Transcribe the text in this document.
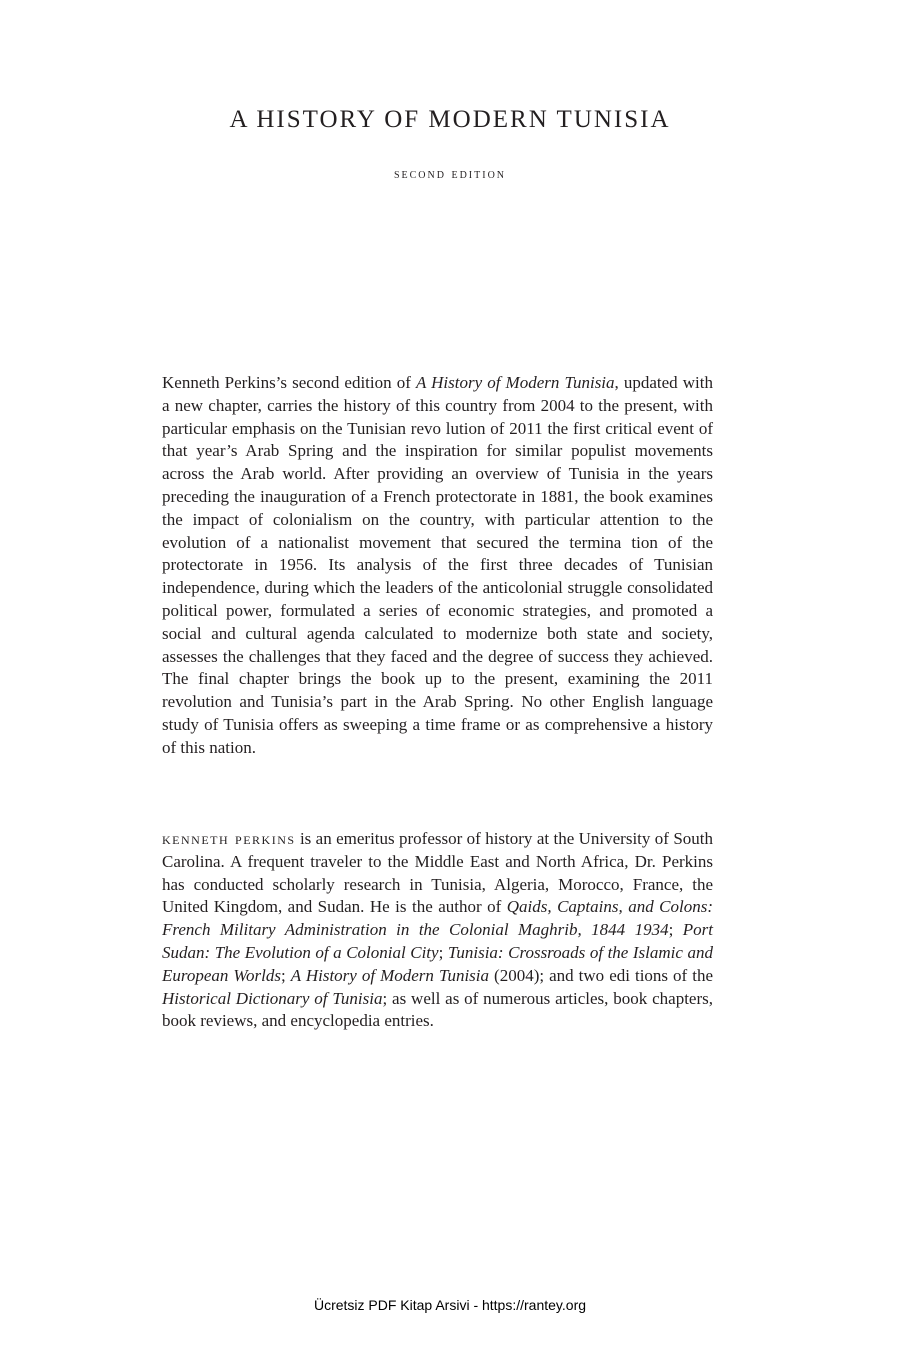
A HISTORY OF MODERN TUNISIA
second edition

Kenneth Perkins’s second edition of A History of Modern Tunisia, updated with a new chapter, carries the history of this country from 2004 to the present, with particular emphasis on the Tunisian revo lution of 2011 the first critical event of that year’s Arab Spring and the inspiration for similar populist movements across the Arab world. After providing an overview of Tunisia in the years preceding the inauguration of a French protectorate in 1881, the book examines the impact of colonialism on the country, with particular attention to the evolution of a nationalist movement that secured the termina tion of the protectorate in 1956. Its analysis of the first three decades of Tunisian independence, during which the leaders of the anticolonial struggle consolidated political power, formulated a series of economic strategies, and promoted a social and cultural agenda calculated to modernize both state and society, assesses the challenges that they faced and the degree of success they achieved. The final chapter brings the book up to the present, examining the 2011 revolution and Tunisia’s part in the Arab Spring. No other English language study of Tunisia offers as sweeping a time frame or as comprehensive a history of this nation.

kenneth perkins is an emeritus professor of history at the University of South Carolina. A frequent traveler to the Middle East and North Africa, Dr. Perkins has conducted scholarly research in Tunisia, Algeria, Morocco, France, the United Kingdom, and Sudan. He is the author of Qaids, Captains, and Colons: French Military Administration in the Colonial Maghrib, 1844 1934; Port Sudan: The Evolution of a Colonial City; Tunisia: Crossroads of the Islamic and European Worlds; A History of Modern Tunisia (2004); and two edi tions of the Historical Dictionary of Tunisia; as well as of numerous articles, book chapters, book reviews, and encyclopedia entries.

Ücretsiz PDF Kitap Arsivi - https://rantey.org
